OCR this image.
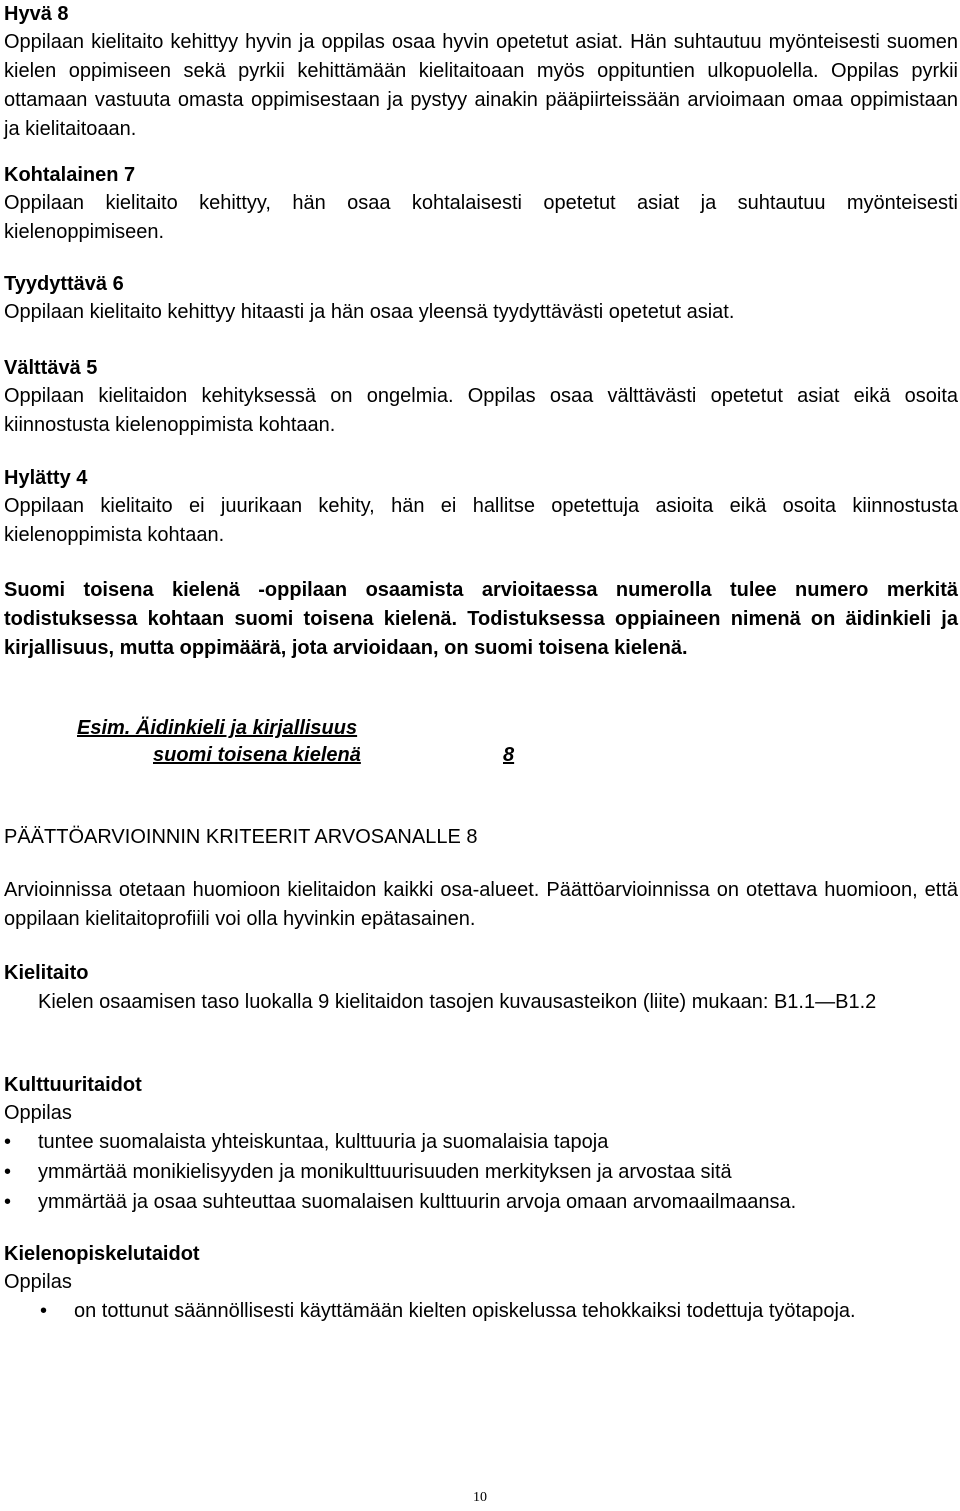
Hyvä 8
Oppilaan kielitaito kehittyy hyvin ja oppilas osaa hyvin opetetut asiat. Hän suhtautuu myönteisesti suomen kielen oppimiseen sekä pyrkii kehittämään kielitaitoaan myös oppituntien ulkopuolella. Oppilas pyrkii ottamaan vastuuta omasta oppimisestaan ja pystyy ainakin pääpiirteissään arvioimaan omaa oppimistaan ja kielitaitoaan.
Kohtalainen 7
Oppilaan kielitaito kehittyy, hän osaa kohtalaisesti opetetut asiat ja suhtautuu myönteisesti kielenoppimiseen.
Tyydyttävä 6
Oppilaan kielitaito kehittyy hitaasti ja hän osaa yleensä tyydyttävästi opetetut asiat.
Välttävä 5
Oppilaan kielitaidon kehityksessä on ongelmia. Oppilas osaa välttävästi opetetut asiat eikä osoita kiinnostusta kielenoppimista kohtaan.
Hylätty 4
Oppilaan kielitaito ei juurikaan kehity, hän ei hallitse opetettuja asioita eikä osoita kiinnostusta kielenoppimista kohtaan.
Suomi toisena kielenä -oppilaan osaamista arvioitaessa numerolla tulee numero merkitä todistuksessa kohtaan suomi toisena kielenä. Todistuksessa oppiaineen nimenä on äidinkieli ja kirjallisuus, mutta oppimäärä, jota arvioidaan, on suomi toisena kielenä.
Esim. Äidinkieli ja kirjallisuus
suomi toisena kielenä	8
PÄÄTTÖARVIOINNIN KRITEERIT ARVOSANALLE 8
Arvioinnissa otetaan huomioon kielitaidon kaikki osa-alueet. Päättöarvioinnissa on otettava huomioon, että oppilaan kielitaitoprofiili voi olla hyvinkin epätasainen.
Kielitaito
Kielen osaamisen taso luokalla 9 kielitaidon tasojen kuvausasteikon (liite) mukaan: B1.1—B1.2
Kulttuuritaidot
Oppilas
•	tuntee suomalaista yhteiskuntaa, kulttuuria ja suomalaisia tapoja
•	ymmärtää monikielisyyden ja monikulttuurisuuden merkityksen ja arvostaa sitä
•	ymmärtää ja osaa suhteuttaa suomalaisen kulttuurin arvoja omaan arvomaailmaansa.
Kielenopiskelutaidot
Oppilas
•	on tottunut säännöllisesti käyttämään kielten opiskelussa tehokkaiksi todettuja työtapoja.
10
